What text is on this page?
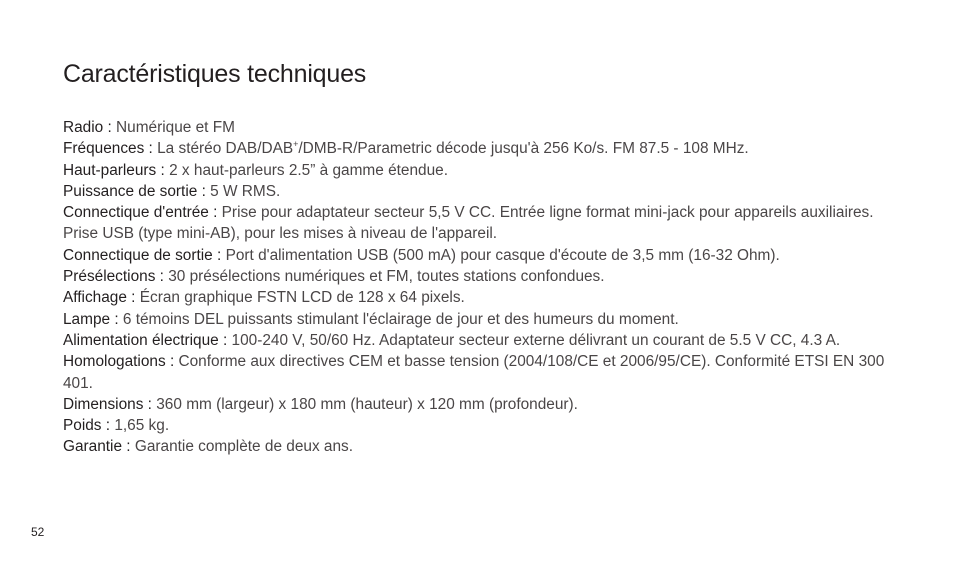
Caractéristiques techniques

Radio : Numérique et FM

Fréquences : La stéréo DAB/DAB+/DMB-R/Parametric décode jusqu'à 256 Ko/s. FM 87.5 - 108 MHz.

Haut-parleurs : 2 x haut-parleurs 2.5” à gamme étendue.

Puissance de sortie : 5 W RMS.

Connectique d'entrée : Prise pour adaptateur secteur 5,5 V CC. Entrée ligne format mini-jack pour appareils auxiliaires. Prise USB (type mini-AB), pour les mises à niveau de l'appareil.

Connectique de sortie : Port d'alimentation USB (500 mA) pour casque d'écoute de 3,5 mm (16-32 Ohm).

Présélections : 30 présélections numériques et FM, toutes stations confondues.

Affichage : Écran graphique FSTN LCD de 128 x 64 pixels.

Lampe : 6 témoins DEL puissants stimulant l'éclairage de jour et des humeurs du moment.

Alimentation électrique : 100-240 V, 50/60 Hz. Adaptateur secteur externe délivrant un courant de 5.5 V CC, 4.3 A.

Homologations : Conforme aux directives CEM et basse tension (2004/108/CE et 2006/95/CE). Conformité ETSI EN 300 401.

Dimensions : 360 mm (largeur) x 180 mm (hauteur) x 120 mm (profondeur).

Poids : 1,65 kg.

Garantie : Garantie complète de deux ans.

52
